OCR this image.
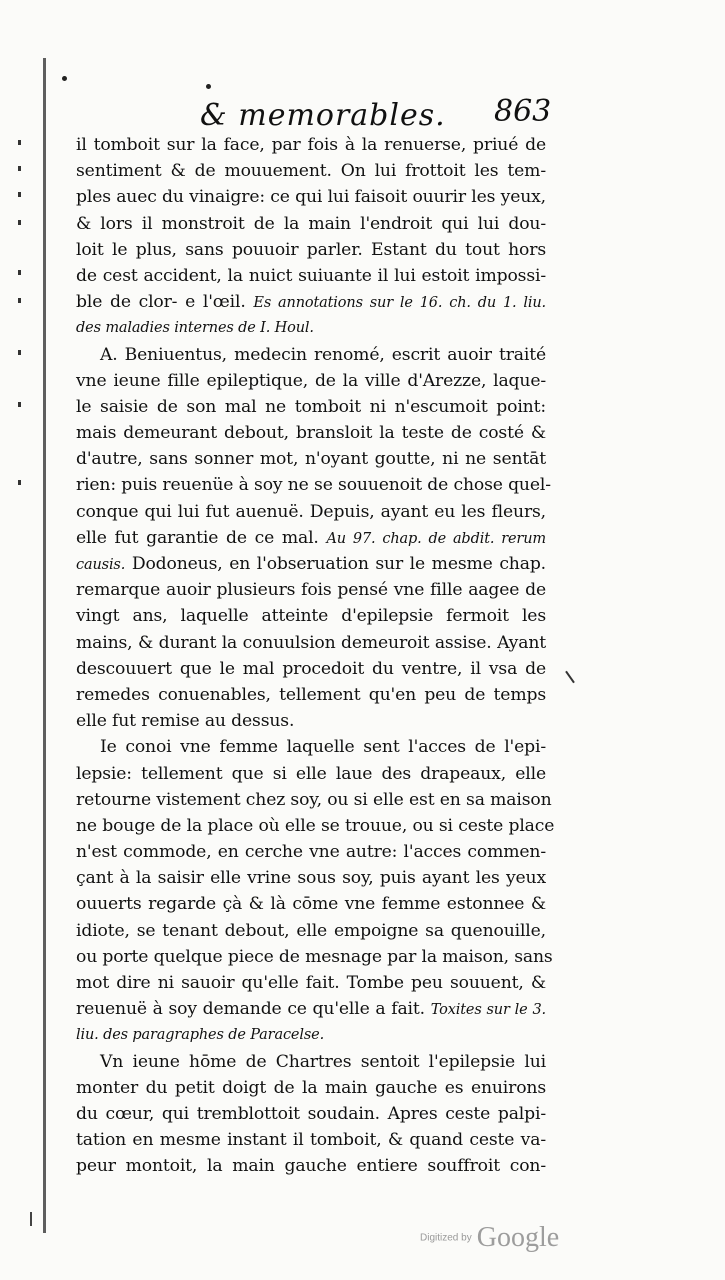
& memorables. 863
il tomboit sur la face, par fois à la renuerse, priué de
sentiment & de mouuement. On lui frottoit les tem-
ples auec du vinaigre: ce qui lui faisoit ouurir les yeux,
& lors il monstroit de la main l'endroit qui lui dou-
loit le plus, sans pouuoir parler. Estant du tout hors
de cest accident, la nuict suiuante il lui estoit impossi-
ble de clor- e l'œil. Es annotations sur le 16. ch. du 1. liu.
des maladies internes de I. Houl.
A. Beniuentus, medecin renomé, escrit auoir traité
vne ieune fille epileptique, de la ville d'Arezze, laque-
le saisie de son mal ne tomboit ni n'escumoit point:
mais demeurant debout, bransloit la teste de costé &
d'autre, sans sonner mot, n'oyant goutte, ni ne sentāt
rien: puis reuenüe à soy ne se souuenoit de chose quel-
conque qui lui fut auenuë. Depuis, ayant eu les fleurs,
elle fut garantie de ce mal. Au 97. chap. de abdit. rerum
causis. Dodoneus, en l'obseruation sur le mesme chap.
remarque auoir plusieurs fois pensé vne fille aagee de
vingt ans, laquelle atteinte d'epilepsie fermoit les
mains, & durant la conuulsion demeuroit assise. Ayant
descouuert que le mal procedoit du ventre, il vsa de
remedes conuenables, tellement qu'en peu de temps
elle fut remise au dessus.
Ie conoi vne femme laquelle sent l'acces de l'epi-
lepsie: tellement que si elle laue des drapeaux, elle
retourne vistement chez soy, ou si elle est en sa maison
ne bouge de la place où elle se trouue, ou si ceste place
n'est commode, en cerche vne autre: l'acces commen-
çant à la saisir elle vrine sous soy, puis ayant les yeux
ouuerts regarde çà & là cōme vne femme estonnee &
idiote, se tenant debout, elle empoigne sa quenouille,
ou porte quelque piece de mesnage par la maison, sans
mot dire ni sauoir qu'elle fait. Tombe peu souuent, &
reuenuë à soy demande ce qu'elle a fait. Toxites sur le 3.
liu. des paragraphes de Paracelse.
Vn ieune hōme de Chartres sentoit l'epilepsie lui
monter du petit doigt de la main gauche es enuirons
du cœur, qui tremblottoit soudain. Apres ceste palpi-
tation en mesme instant il tomboit, & quand ceste va-
peur montoit, la main gauche entiere souffroit con-
Digitized by Google
